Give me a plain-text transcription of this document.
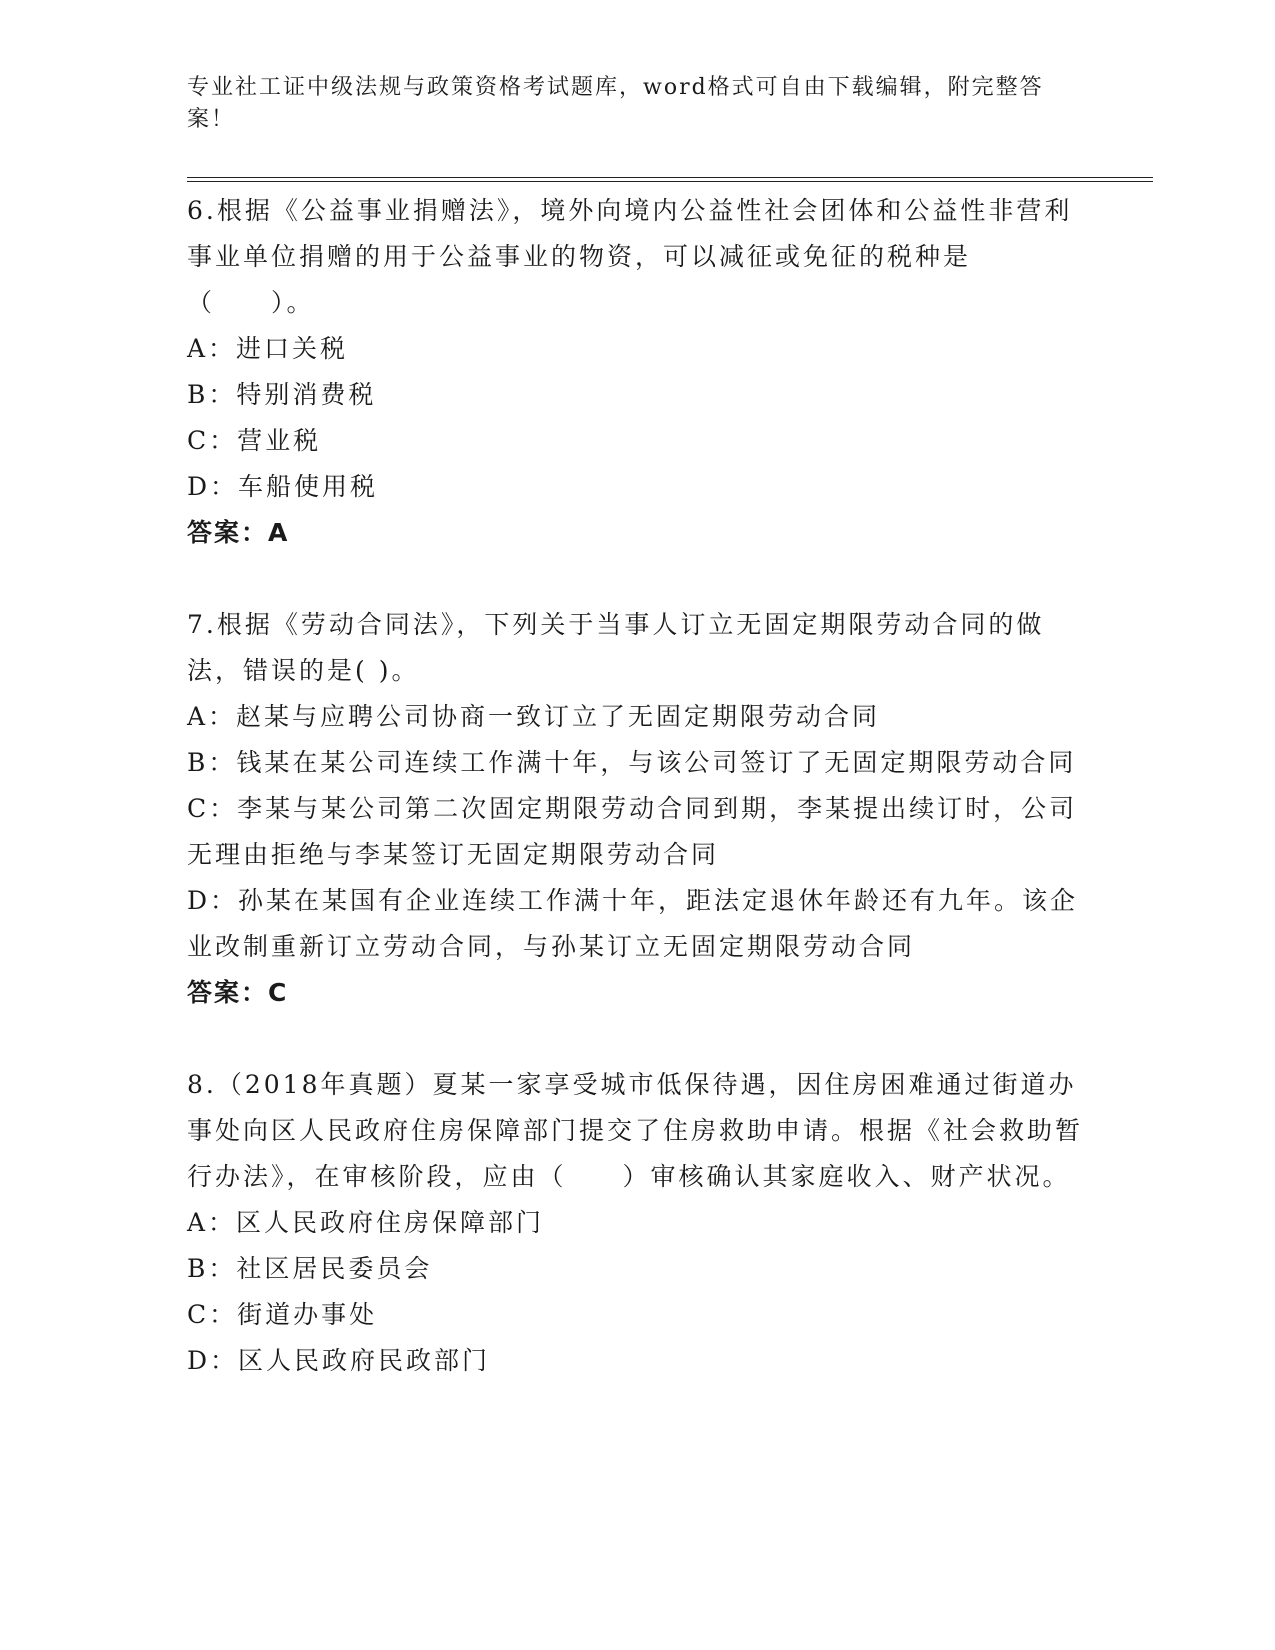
专业社工证中级法规与政策资格考试题库，word格式可自由下载编辑，附完整答案！

6.根据《公益事业捐赠法》，境外向境内公益性社会团体和公益性非营利事业单位捐赠的用于公益事业的物资，可以减征或免征的税种是（　　）。

A：进口关税

B：特别消费税

C：营业税

D：车船使用税

答案：A

7.根据《劳动合同法》，下列关于当事人订立无固定期限劳动合同的做法，错误的是( )。

A：赵某与应聘公司协商一致订立了无固定期限劳动合同

B：钱某在某公司连续工作满十年，与该公司签订了无固定期限劳动合同

C：李某与某公司第二次固定期限劳动合同到期，李某提出续订时，公司无理由拒绝与李某签订无固定期限劳动合同

D：孙某在某国有企业连续工作满十年，距法定退休年龄还有九年。该企业改制重新订立劳动合同，与孙某订立无固定期限劳动合同

答案：C

8.（2018年真题）夏某一家享受城市低保待遇，因住房困难通过街道办事处向区人民政府住房保障部门提交了住房救助申请。根据《社会救助暂行办法》，在审核阶段，应由（　　）审核确认其家庭收入、财产状况。

A：区人民政府住房保障部门

B：社区居民委员会

C：街道办事处

D：区人民政府民政部门
